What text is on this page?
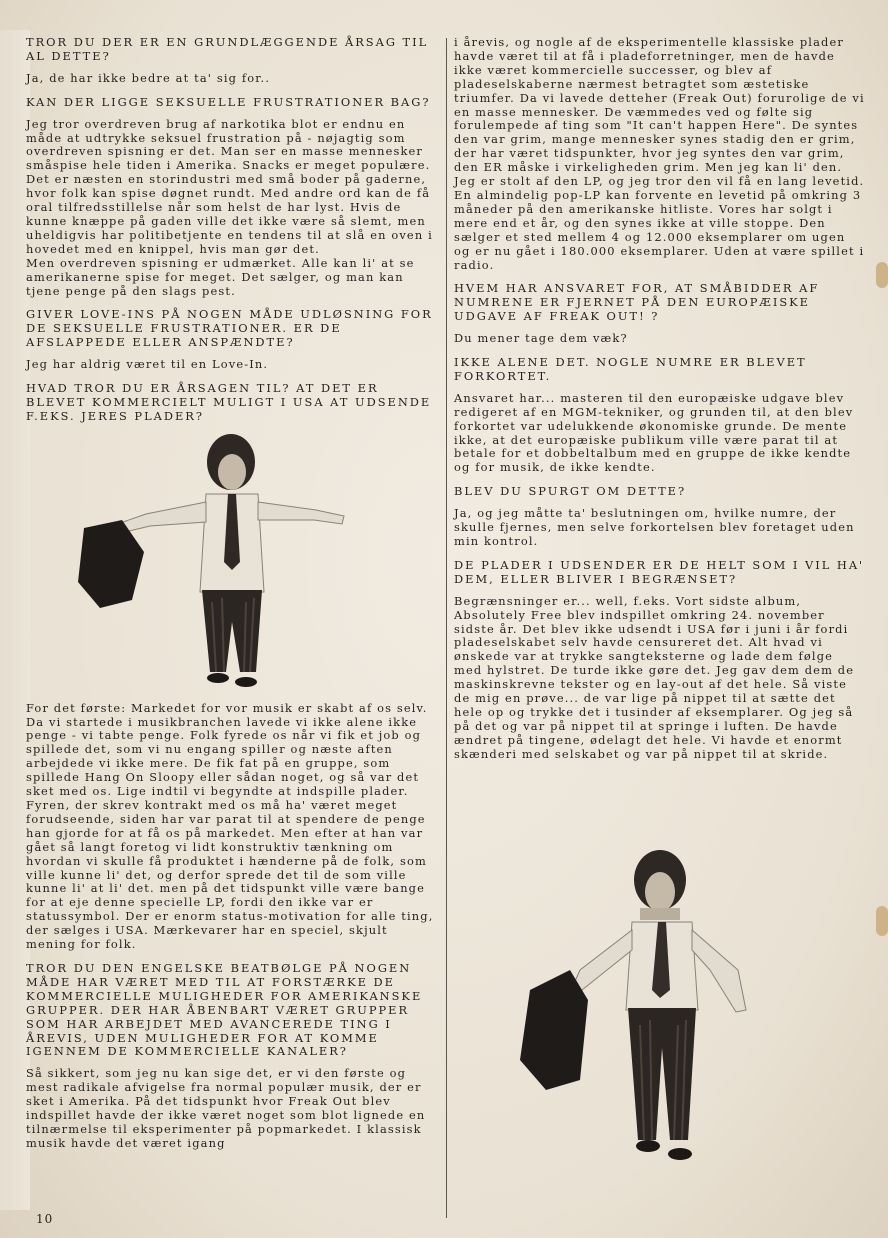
TROR DU DER ER EN GRUNDLÆGGENDE ÅRSAG TIL AL DETTE?
Ja, de har ikke bedre at ta' sig for..
KAN DER LIGGE SEKSUELLE FRUSTRATIONER BAG?
Jeg tror overdreven brug af narkotika blot er endnu en måde at udtrykke seksuel frustration på - nøjagtig som overdreven spisning er det. Man ser en masse mennesker småspise hele tiden i Amerika. Snacks er meget populære. Det er næsten en storindustri med små boder på gaderne, hvor folk kan spise døgnet rundt. Med andre ord kan de få oral tilfredsstillelse når som helst de har lyst. Hvis de kunne knæppe på gaden ville det ikke være så slemt, men uheldigvis har politibetjente en tendens til at slå en oven i hovedet med en knippel, hvis man gør det.
Men overdreven spisning er udmærket. Alle kan li' at se amerikanerne spise for meget. Det sælger, og man kan tjene penge på den slags pest.
GIVER LOVE-INS PÅ NOGEN MÅDE UDLØSNING FOR DE SEKSUELLE FRUSTRATIONER. ER DE AFSLAPPEDE ELLER ANSPÆNDTE?
Jeg har aldrig været til en Love-In.
HVAD TROR DU ER ÅRSAGEN TIL? AT DET ER BLEVET KOMMERCIELT MULIGT I USA AT UDSENDE F.EKS. JERES PLADER?
For det første: Markedet for vor musik er skabt af os selv. Da vi startede i musikbranchen lavede vi ikke alene ikke penge - vi tabte penge. Folk fyrede os når vi fik et job og spillede det, som vi nu engang spiller og næste aften arbejdede vi ikke mere. De fik fat på en gruppe, som spillede Hang On Sloopy eller sådan noget, og så var det sket med os. Lige indtil vi begyndte at indspille plader. Fyren, der skrev kontrakt med os må ha' været meget forudseende, siden har var parat til at spendere de penge han gjorde for at få os på markedet. Men efter at han var gået så langt foretog vi lidt konstruktiv tænkning om hvordan vi skulle få produktet i hænderne på de folk, som ville kunne li' det, og derfor sprede det til de som ville kunne li' at li' det. men på det tidspunkt ville være bange for at eje denne specielle LP, fordi den ikke var er statussymbol. Der er enorm status-motivation for alle ting, der sælges i USA. Mærkevarer har en speciel, skjult mening for folk.
TROR DU DEN ENGELSKE BEATBØLGE PÅ NOGEN MÅDE HAR VÆRET MED TIL AT FORSTÆRKE DE KOMMERCIELLE MULIGHEDER FOR AMERIKANSKE GRUPPER. DER HAR ÅBENBART VÆRET GRUPPER SOM HAR ARBEJDET MED AVANCEREDE TING I ÅREVIS, UDEN MULIGHEDER FOR AT KOMME IGENNEM DE KOMMERCIELLE KANALER?
Så sikkert, som jeg nu kan sige det, er vi den første og mest radikale afvigelse fra normal populær musik, der er sket i Amerika. På det tidspunkt hvor Freak Out blev indspillet havde der ikke været noget som blot lignede en tilnærmelse til eksperimenter på popmarkedet. I klassisk musik havde det været igang
i årevis, og nogle af de eksperimentelle klassiske plader havde været til at få i pladeforretninger, men de havde ikke været kommercielle successer, og blev af pladeselskaberne nærmest betragtet som æstetiske triumfer. Da vi lavede detteher (Freak Out) forurolige de vi en masse mennesker. De væmmedes ved og følte sig forulempede af ting som "It can't happen Here". De syntes den var grim, mange mennesker synes stadig den er grim, der har været tidspunkter, hvor jeg syntes den var grim, den ER måske i virkeligheden grim. Men jeg kan li' den. Jeg er stolt af den LP, og jeg tror den vil få en lang levetid. En almindelig pop-LP kan forvente en levetid på omkring 3 måneder på den amerikanske hitliste. Vores har solgt i mere end et år, og den synes ikke at ville stoppe. Den sælger et sted mellem 4 og 12.000 eksemplarer om ugen og er nu gået i 180.000 eksemplarer. Uden at være spillet i radio.
HVEM HAR ANSVARET FOR, AT SMÅBIDDER AF NUMRENE ER FJERNET PÅ DEN EUROPÆISKE UDGAVE AF FREAK OUT! ?
Du mener tage dem væk?
IKKE ALENE DET. NOGLE NUMRE ER BLEVET FORKORTET.
Ansvaret har... masteren til den europæiske udgave blev redigeret af en MGM-tekniker, og grunden til, at den blev forkortet var udelukkende økonomiske grunde. De mente ikke, at det europæiske publikum ville være parat til at betale for et dobbeltalbum med en gruppe de ikke kendte og for musik, de ikke kendte.
BLEV DU SPURGT OM DETTE?
Ja, og jeg måtte ta' beslutningen om, hvilke numre, der skulle fjernes, men selve forkortelsen blev foretaget uden min kontrol.
DE PLADER I UDSENDER ER DE HELT SOM I VIL HA' DEM, ELLER BLIVER I BEGRÆNSET?
Begrænsninger er... well, f.eks. Vort sidste album, Absolutely Free blev indspillet omkring 24. november sidste år. Det blev ikke udsendt i USA før i juni i år fordi pladeselskabet selv havde censureret det. Alt hvad vi ønskede var at trykke sangteksterne og lade dem følge med hylstret. De turde ikke gøre det. Jeg gav dem dem de maskinskrevne tekster og en lay-out af det hele. Så viste de mig en prøve... de var lige på nippet til at sætte det hele op og trykke det i tusinder af eksemplarer. Og jeg så på det og var på nippet til at springe i luften. De havde ændret på tingene, ødelagt det hele. Vi havde et enormt skænderi med selskabet og var på nippet til at skride.
10
